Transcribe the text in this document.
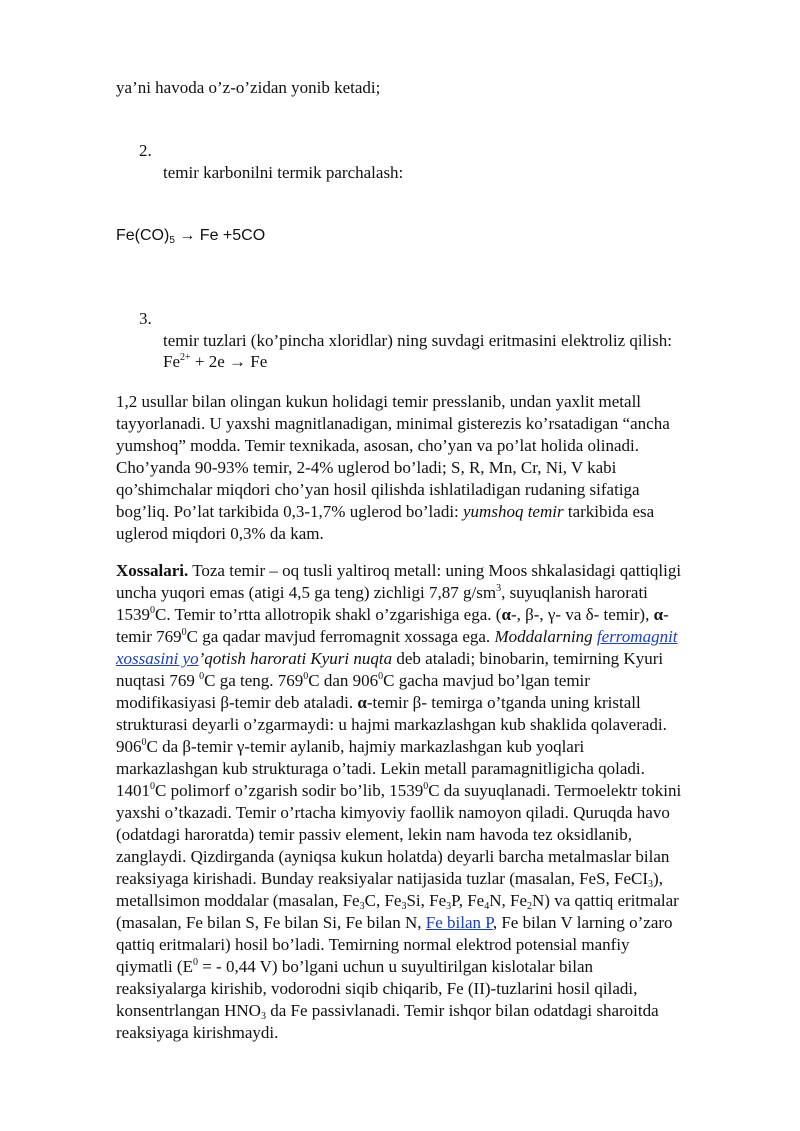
ya’ni havoda o’z-o’zidan yonib ketadi;
2.
temir karbonilni termik parchalash:
$Fe(CO)_5 \to Fe +5CO$
3.
temir tuzlari (ko’pincha xloridlar) ning suvdagi eritmasini elektroliz qilish:
$Fe^{2+} + 2e \to Fe$

1,2 usullar bilan olingan kukun holidagi temir presslanib, undan yaxlit metall

tayyorlanadi. U yaxshi magnitlanadigan, minimal gisterezis ko’rsatadigan “ancha

yumshoq” modda. Temir texnikada, asosan, cho’yan va po’lat holida olinadi.

Cho’yanda 90-93% temir, 2-4% uglerod bo’ladi; S, R, Mn, Cr, Ni, V kabi

qo’shimchalar miqdori cho’yan hosil qilishda ishlatiladigan rudaning sifatiga

bog’liq. Po’lat tarkibida 0,3-1,7% uglerod bo’ladi: yumshoq temir tarkibida esa

uglerod miqdori 0,3% da kam.

Xossalari. Toza temir – oq tusli yaltiroq metall: uning Moos shkalasidagi qattiqligi

uncha yuqori emas (atigi 4,5 ga teng) zichligi 7,87 $g/sm^3$, suyuqlanish harorati

1539$^0$C. Temir to’rtta allotropik shakl o’zgarishiga ega. (α-, β-, γ- va δ- temir), α-

temir $769^0C$ ga qadar mavjud ferromagnit xossaga ega. Moddalarning ferromagnit

xossasini yo’qotish harorati Kyuri nuqta deb ataladi; binobarin, temirning Kyuri

nuqtasi 769 $^0$C ga teng. $769^0C$ dan $906^0C$ gacha mavjud bo’lgan temir

modifikasiyasi β-temir deb ataladi. α-temir β- temirga o’tganda uning kristall

strukturasi deyarli o’zgarmaydi: u hajmi markazlashgan kub shaklida qolaveradi.

$906^0C$ da β-temir γ-temir aylanib, hajmiy markazlashgan kub yoqlari

markazlashgan kub strukturaga o’tadi. Lekin metall paramagnitligicha qoladi.

1401$^0$C polimorf o’zgarish sodir bo’lib, 1539$^0$C da suyuqlanadi. Termoelektr tokini

yaxshi o’tkazadi. Temir o’rtacha kimyoviy faollik namoyon qiladi. Quruqda havo

(odatdagi haroratda) temir passiv element, lekin nam havoda tez oksidlanib,

zanglaydi. Qizdirganda (ayniqsa kukun holatda) deyarli barcha metalmaslar bilan

reaksiyaga kirishadi. Bunday reaksiyalar natijasida tuzlar (masalan, FeS, FeCI$_3$),

metallsimon moddalar (masalan, $Fe_3C$, $Fe_3Si$, $Fe_3P$, $Fe_4N$, $Fe_2N$) va qattiq eritmalar

(masalan, Fe bilan S, Fe bilan Si, Fe bilan N, Fe bilan P, Fe bilan V larning o’zaro

qattiq eritmalari) hosil bo’ladi. Temirning normal elektrod potensial manfiy

qiymatli ($E^0$ = - 0,44 V) bo’lgani uchun u suyultirilgan kislotalar bilan

reaksiyalarga kirishib, vodorodni siqib chiqarib, Fe (II)-tuzlarini hosil qiladi,

konsentrlangan $HNO_3$ da Fe passivlanadi. Temir ishqor bilan odatdagi sharoitda

reaksiyaga kirishmaydi.
